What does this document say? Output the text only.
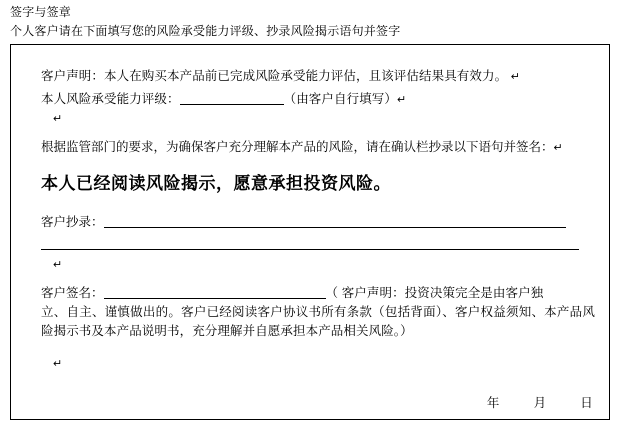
签字与签章
个人客户请在下面填写您的风险承受能力评级、抄录风险揭示语句并签字
客户声明：本人在购买本产品前已完成风险承受能力评估，且该评估结果具有效力。 ↵
本人风险承受能力评级：	（由客户自行填写）↵
↵
根据监管部门的要求，为确保客户充分理解本产品的风险，请在确认栏抄录以下语句并签名：↵
本人已经阅读风险揭示，愿意承担投资风险。
客户抄录：
↵
客户签名：	（ 客户声明：投资决策完全是由客户独
立、自主、谨慎做出的。客户已经阅读客户协议书所有条款（包括背面）、客户权益须知、本产品风险揭示书及本产品说明书，充分理解并自愿承担本产品相关风险。）
↵
年	月	日
